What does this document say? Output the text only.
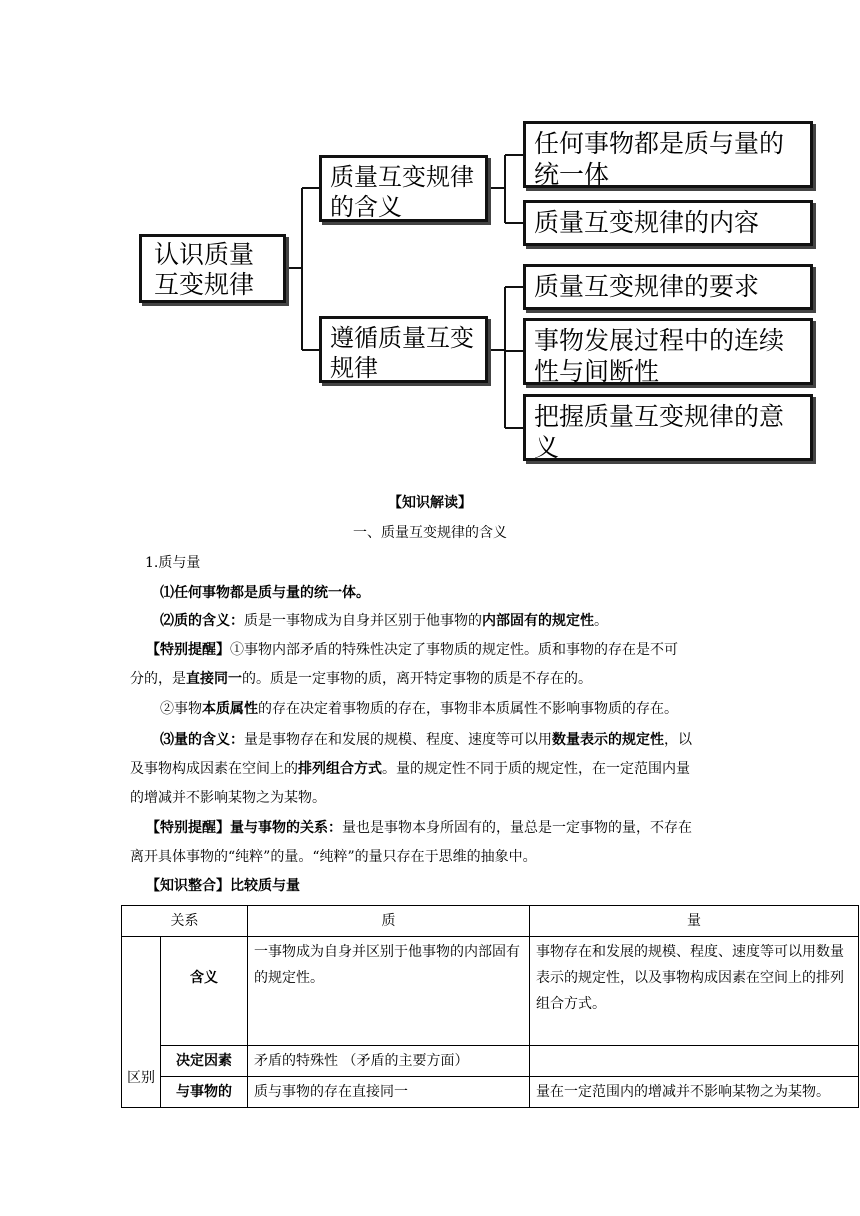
认识质量互变规律
质量互变规律的含义
遵循质量互变规律
任何事物都是质与量的统一体
质量互变规律的内容
质量互变规律的要求
事物发展过程中的连续性与间断性
把握质量互变规律的意义
【知识解读】
一、质量互变规律的含义
1.质与量
⑴任何事物都是质与量的统一体。
⑵质的含义：质是一事物成为自身并区别于他事物的内部固有的规定性。
【特别提醒】①事物内部矛盾的特殊性决定了事物质的规定性。质和事物的存在是不可
分的，是直接同一的。质是一定事物的质，离开特定事物的质是不存在的。
②事物本质属性的存在决定着事物质的存在，事物非本质属性不影响事物质的存在。
⑶量的含义：量是事物存在和发展的规模、程度、速度等可以用数量表示的规定性，以
及事物构成因素在空间上的排列组合方式。量的规定性不同于质的规定性，在一定范围内量
的增减并不影响某物之为某物。
【特别提醒】量与事物的关系：量也是事物本身所固有的，量总是一定事物的量，不存在
离开具体事物的“纯粹”的量。“纯粹”的量只存在于思维的抽象中。
【知识整合】比较质与量
关系		质	量
区别	含义	一事物成为自身并区别于他事物的内部固有的规定性。	事物存在和发展的规模、程度、速度等可以用数量表示的规定性，以及事物构成因素在空间上的排列组合方式。
	决定因素	矛盾的特殊性 （矛盾的主要方面）	
	与事物的	质与事物的存在直接同一	量在一定范围内的增减并不影响某物之为某物。
